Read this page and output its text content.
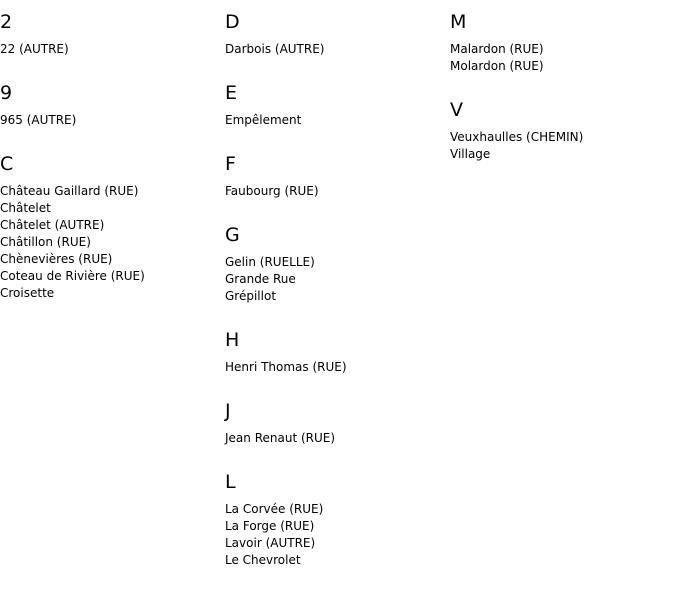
2
22 (AUTRE)
9
965 (AUTRE)
C
Château Gaillard (RUE)
Châtelet
Châtelet (AUTRE)
Châtillon (RUE)
Chènevières (RUE)
Coteau de Rivière (RUE)
Croisette
D
Darbois (AUTRE)
E
Empêlement
F
Faubourg (RUE)
G
Gelin (RUELLE)
Grande Rue
Grépillot
H
Henri Thomas (RUE)
J
Jean Renaut (RUE)
L
La Corvée (RUE)
La Forge (RUE)
Lavoir (AUTRE)
Le Chevrolet
M
Malardon (RUE)
Molardon (RUE)
V
Veuxhaulles (CHEMIN)
Village
